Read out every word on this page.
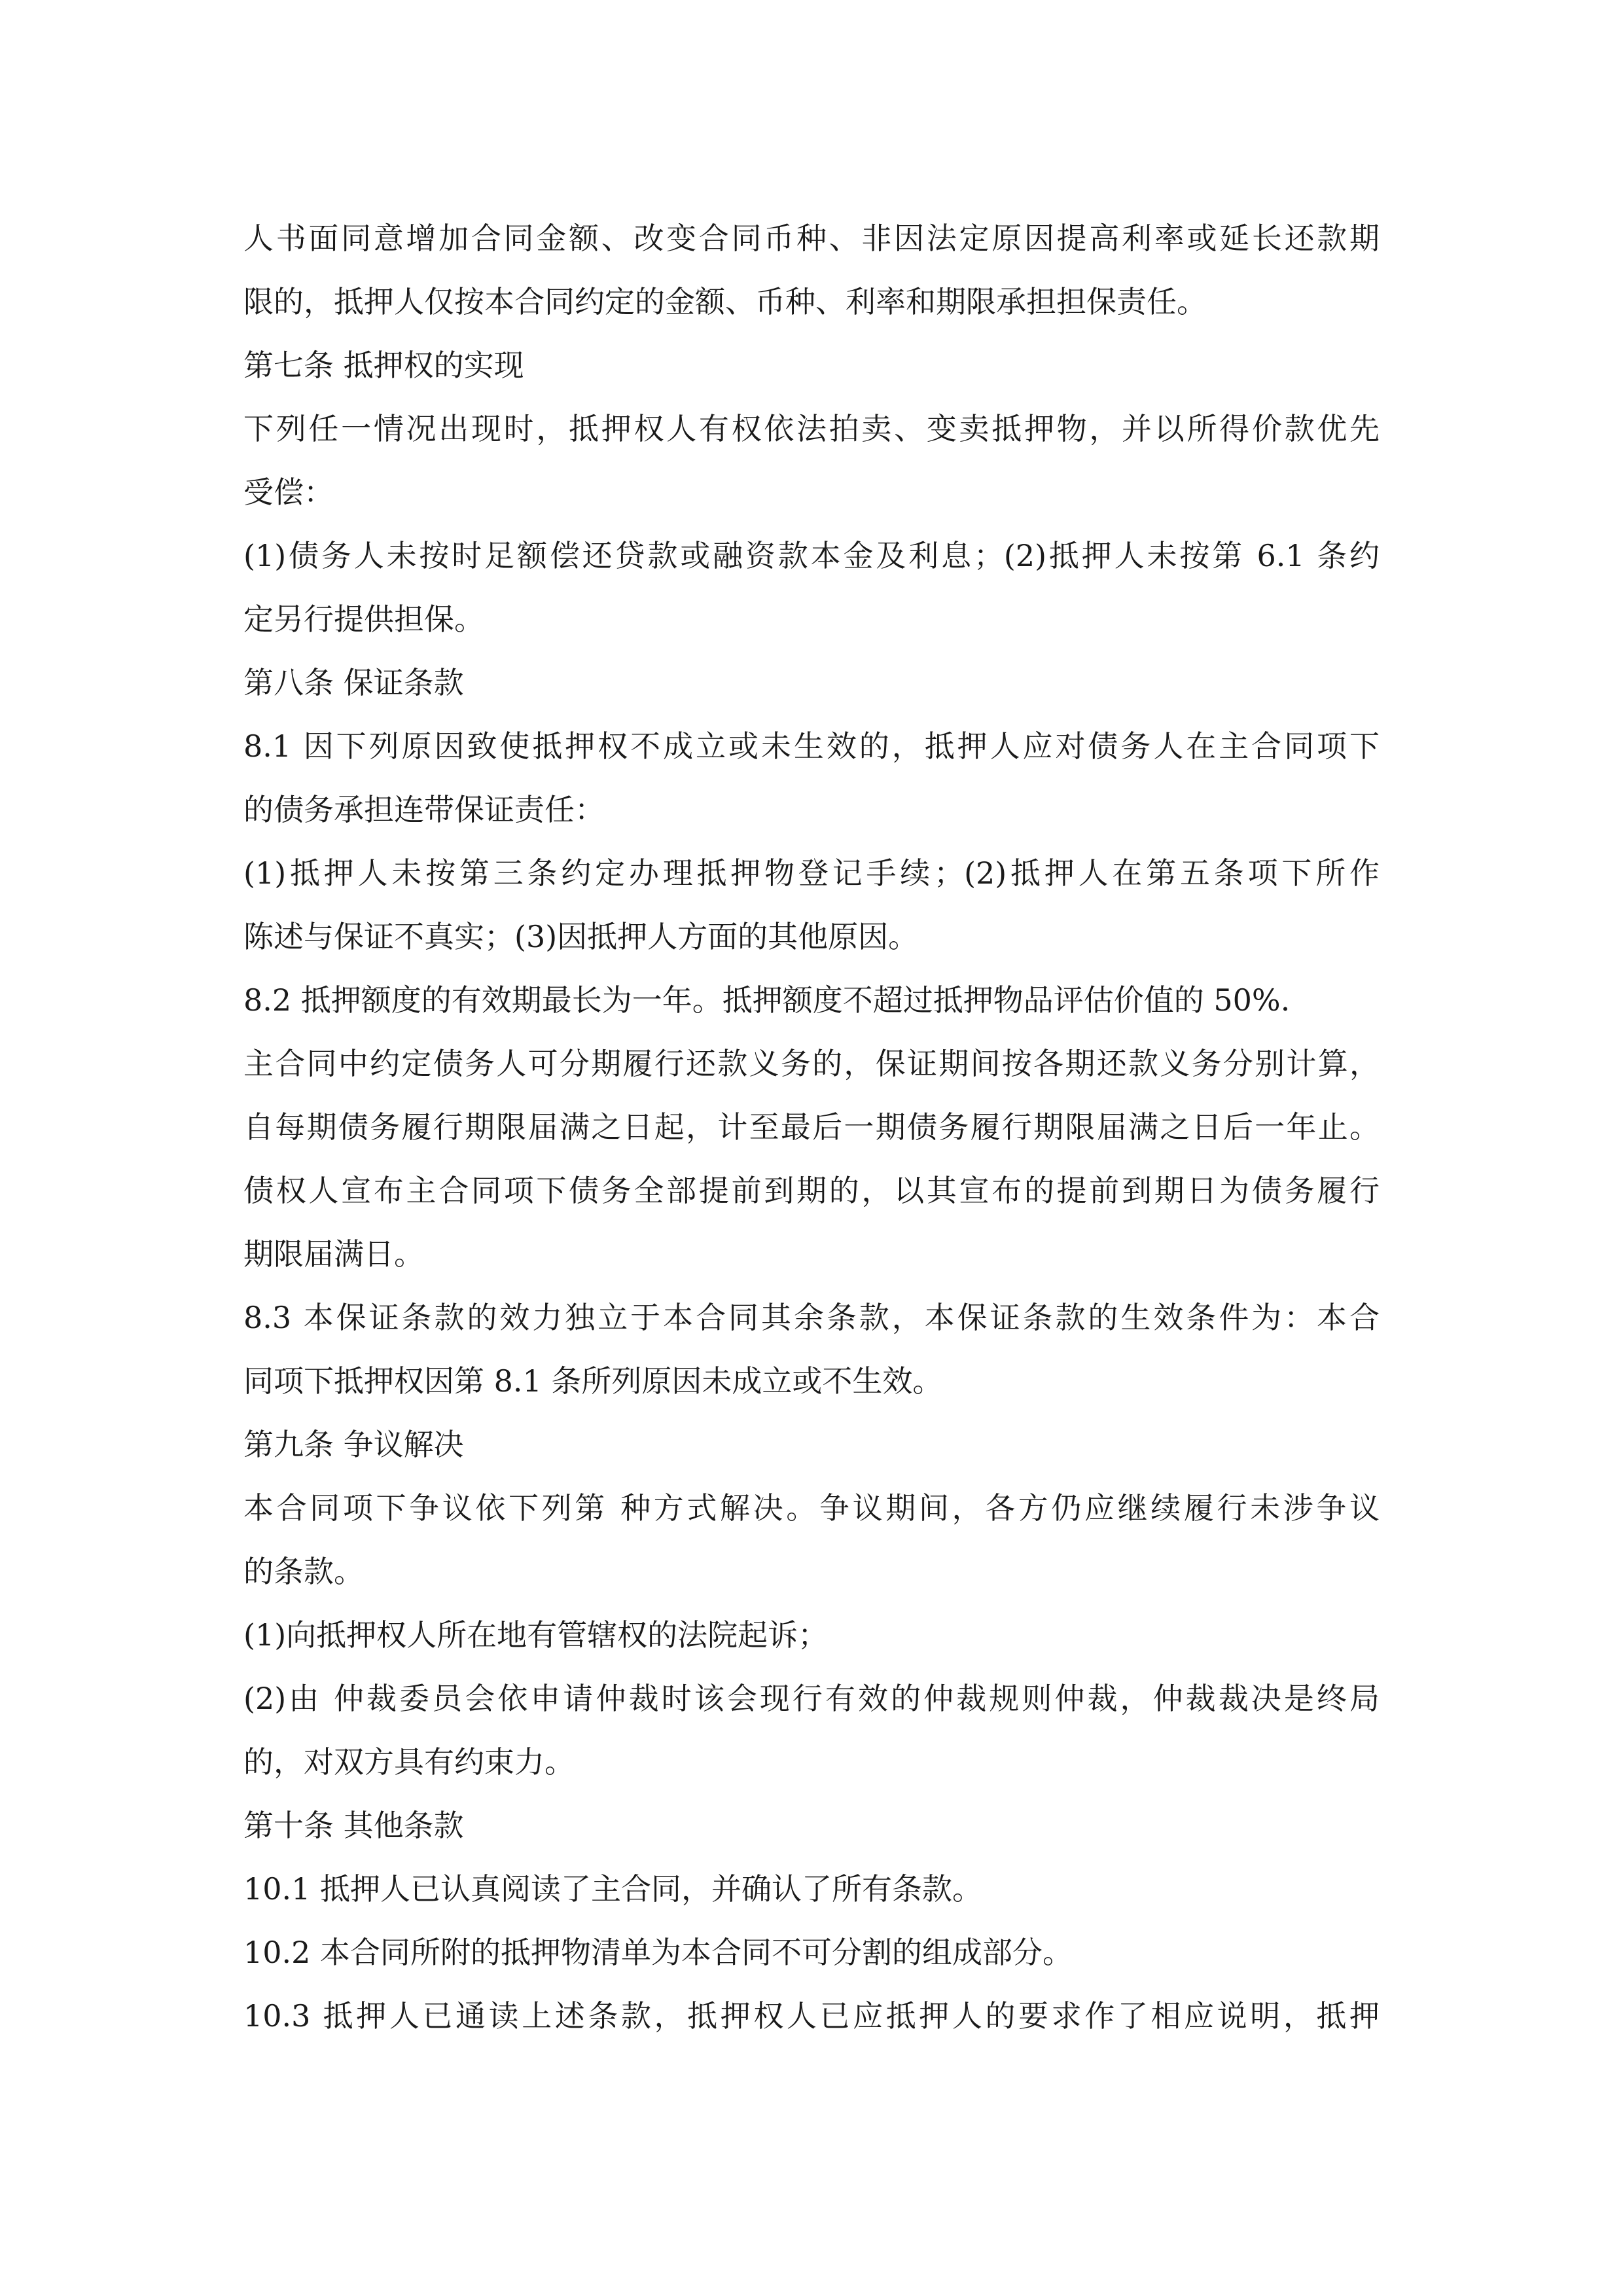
人书面同意增加合同金额、改变合同币种、非因法定原因提高利率或延长还款期
限的，抵押人仅按本合同约定的金额、币种、利率和期限承担担保责任。
第七条 抵押权的实现
下列任一情况出现时，抵押权人有权依法拍卖、变卖抵押物，并以所得价款优先
受偿：
(1)债务人未按时足额偿还贷款或融资款本金及利息；(2)抵押人未按第 6.1 条约
定另行提供担保。
第八条 保证条款
8.1 因下列原因致使抵押权不成立或未生效的，抵押人应对债务人在主合同项下
的债务承担连带保证责任：
(1)抵押人未按第三条约定办理抵押物登记手续；(2)抵押人在第五条项下所作
陈述与保证不真实；(3)因抵押人方面的其他原因。
8.2 抵押额度的有效期最长为一年。抵押额度不超过抵押物品评估价值的 50%.
主合同中约定债务人可分期履行还款义务的，保证期间按各期还款义务分别计算，
自每期债务履行期限届满之日起，计至最后一期债务履行期限届满之日后一年止。
债权人宣布主合同项下债务全部提前到期的，以其宣布的提前到期日为债务履行
期限届满日。
8.3 本保证条款的效力独立于本合同其余条款，本保证条款的生效条件为：本合
同项下抵押权因第 8.1 条所列原因未成立或不生效。
第九条 争议解决
本合同项下争议依下列第 种方式解决。争议期间，各方仍应继续履行未涉争议
的条款。
(1)向抵押权人所在地有管辖权的法院起诉；
(2)由 仲裁委员会依申请仲裁时该会现行有效的仲裁规则仲裁，仲裁裁决是终局
的，对双方具有约束力。
第十条 其他条款
10.1 抵押人已认真阅读了主合同，并确认了所有条款。
10.2 本合同所附的抵押物清单为本合同不可分割的组成部分。
10.3 抵押人已通读上述条款，抵押权人已应抵押人的要求作了相应说明，抵押
